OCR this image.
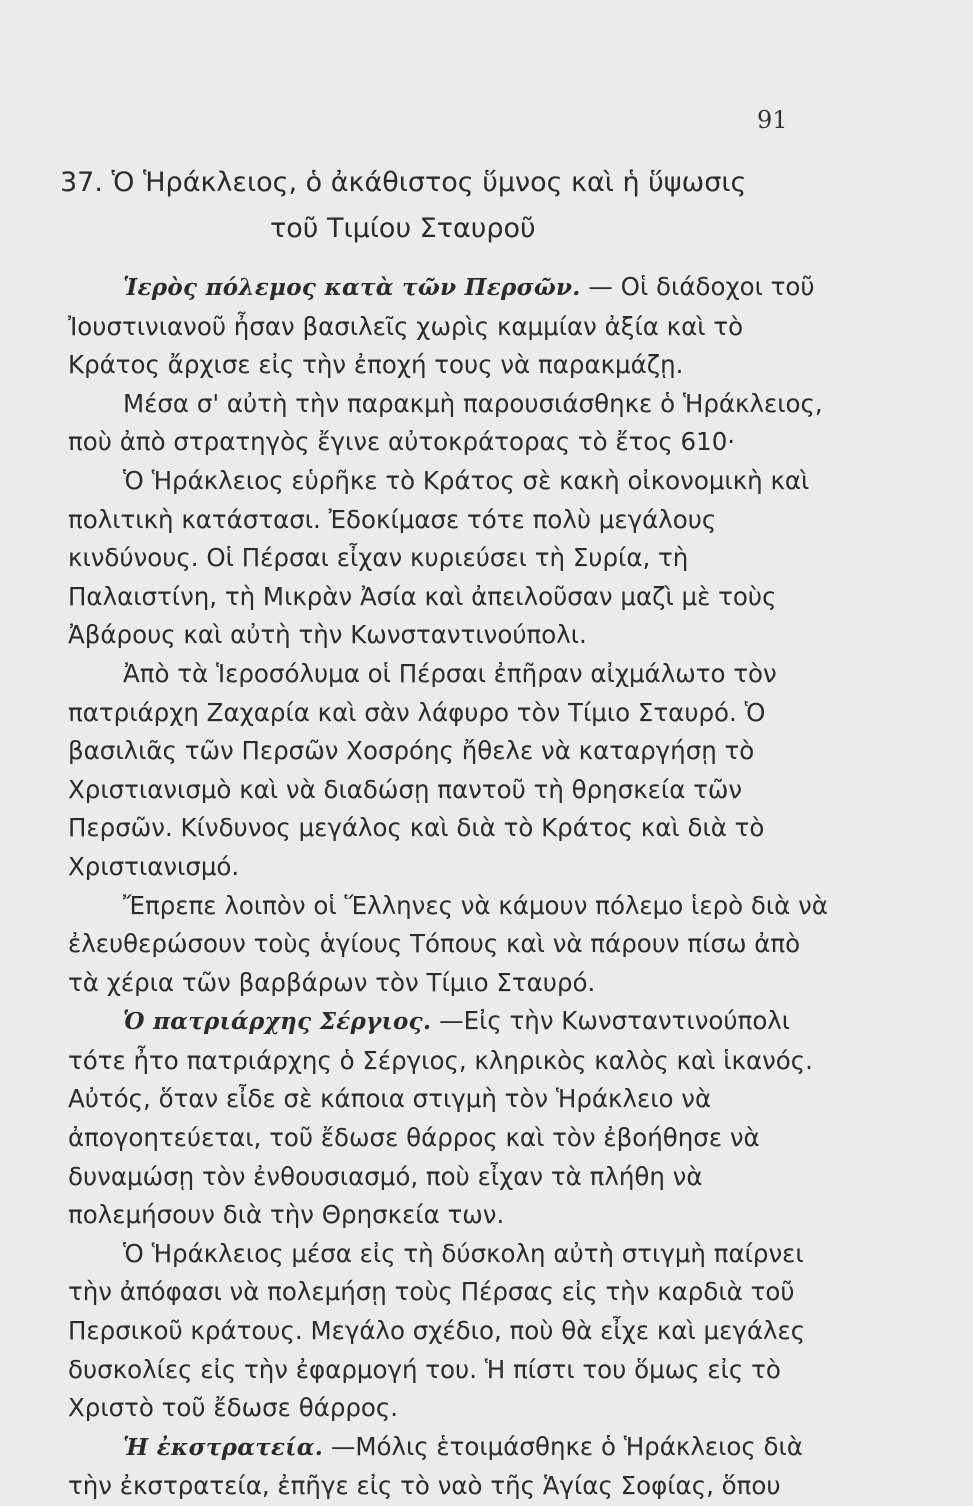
91
37. Ὁ Ἡράκλειος, ὁ ἀκάθιστος ὕμνος καὶ ἡ ὕψωσις
τοῦ Τιμίου Σταυροῦ

Ἱερὸς πόλεμος κατὰ τῶν Περσῶν. — Οἱ διάδοχοι τοῦ Ἰουστινιανοῦ ἦσαν βασιλεῖς χωρὶς καμμίαν ἀξία καὶ τὸ Κράτος ἄρχισε εἰς τὴν ἐποχή τους νὰ παρακμάζῃ.

Μέσα σ' αὐτὴ τὴν παρακμὴ παρουσιάσθηκε ὁ Ἡράκλειος, ποὺ ἀπὸ στρατηγὸς ἔγινε αὐτοκράτορας τὸ ἔτος 610·

Ὁ Ἡράκλειος εὑρῆκε τὸ Κράτος σὲ κακὴ οἰκονομικὴ καὶ πολιτικὴ κατάστασι. Ἐδοκίμασε τότε πολὺ μεγάλους κινδύνους. Οἱ Πέρσαι εἶχαν κυριεύσει τὴ Συρία, τὴ Παλαιστίνη, τὴ Μικρὰν Ἀσία καὶ ἀπειλοῦσαν μαζὶ μὲ τοὺς Ἀβάρους καὶ αὐτὴ τὴν Κωνσταντινούπολι.

Ἀπὸ τὰ Ἱεροσόλυμα οἱ Πέρσαι ἐπῆραν αἰχμάλωτο τὸν πατριάρχη Ζαχαρία καὶ σὰν λάφυρο τὸν Τίμιο Σταυρό. Ὁ βασιλιᾶς τῶν Περσῶν Χοσρόης ἤθελε νὰ καταργήσῃ τὸ Χριστιανισμὸ καὶ νὰ διαδώσῃ παντοῦ τὴ θρησκεία τῶν Περσῶν. Κίνδυνος μεγάλος καὶ διὰ τὸ Κράτος καὶ διὰ τὸ Χριστιανισμό.

Ἔπρεπε λοιπὸν οἱ Ἕλληνες νὰ κάμουν πόλεμο ἱερὸ διὰ νὰ ἐλευθερώσουν τοὺς ἁγίους Τόπους καὶ νὰ πάρουν πίσω ἀπὸ τὰ χέρια τῶν βαρβάρων τὸν Τίμιο Σταυρό.

Ὁ πατριάρχης Σέργιος. —Εἰς τὴν Κωνσταντινούπολι τότε ἦτο πατριάρχης ὁ Σέργιος, κληρικὸς καλὸς καὶ ἱκανός. Αὐτός, ὅταν εἶδε σὲ κάποια στιγμὴ τὸν Ἡράκλειο νὰ ἀπογοητεύεται, τοῦ ἔδωσε θάρρος καὶ τὸν ἐβοήθησε νὰ δυναμώσῃ τὸν ἐνθουσιασμό, ποὺ εἶχαν τὰ πλήθη νὰ πολεμήσουν διὰ τὴν Θρησκεία των.

Ὁ Ἡράκλειος μέσα εἰς τὴ δύσκολη αὐτὴ στιγμὴ παίρνει τὴν ἀπόφασι νὰ πολεμήσῃ τοὺς Πέρσας εἰς τὴν καρδιὰ τοῦ Περσικοῦ κράτους. Μεγάλο σχέδιο, ποὺ θὰ εἶχε καὶ μεγάλες δυσκολίες εἰς τὴν ἐφαρμογή του. Ἡ πίστι του ὅμως εἰς τὸ Χριστὸ τοῦ ἔδωσε θάρρος.

Ἡ ἐκστρατεία. —Μόλις ἑτοιμάσθηκε ὁ Ἡράκλειος διὰ τὴν ἐκστρατεία, ἐπῆγε εἰς τὸ ναὸ τῆς Ἁγίας Σοφίας, ὅπου
